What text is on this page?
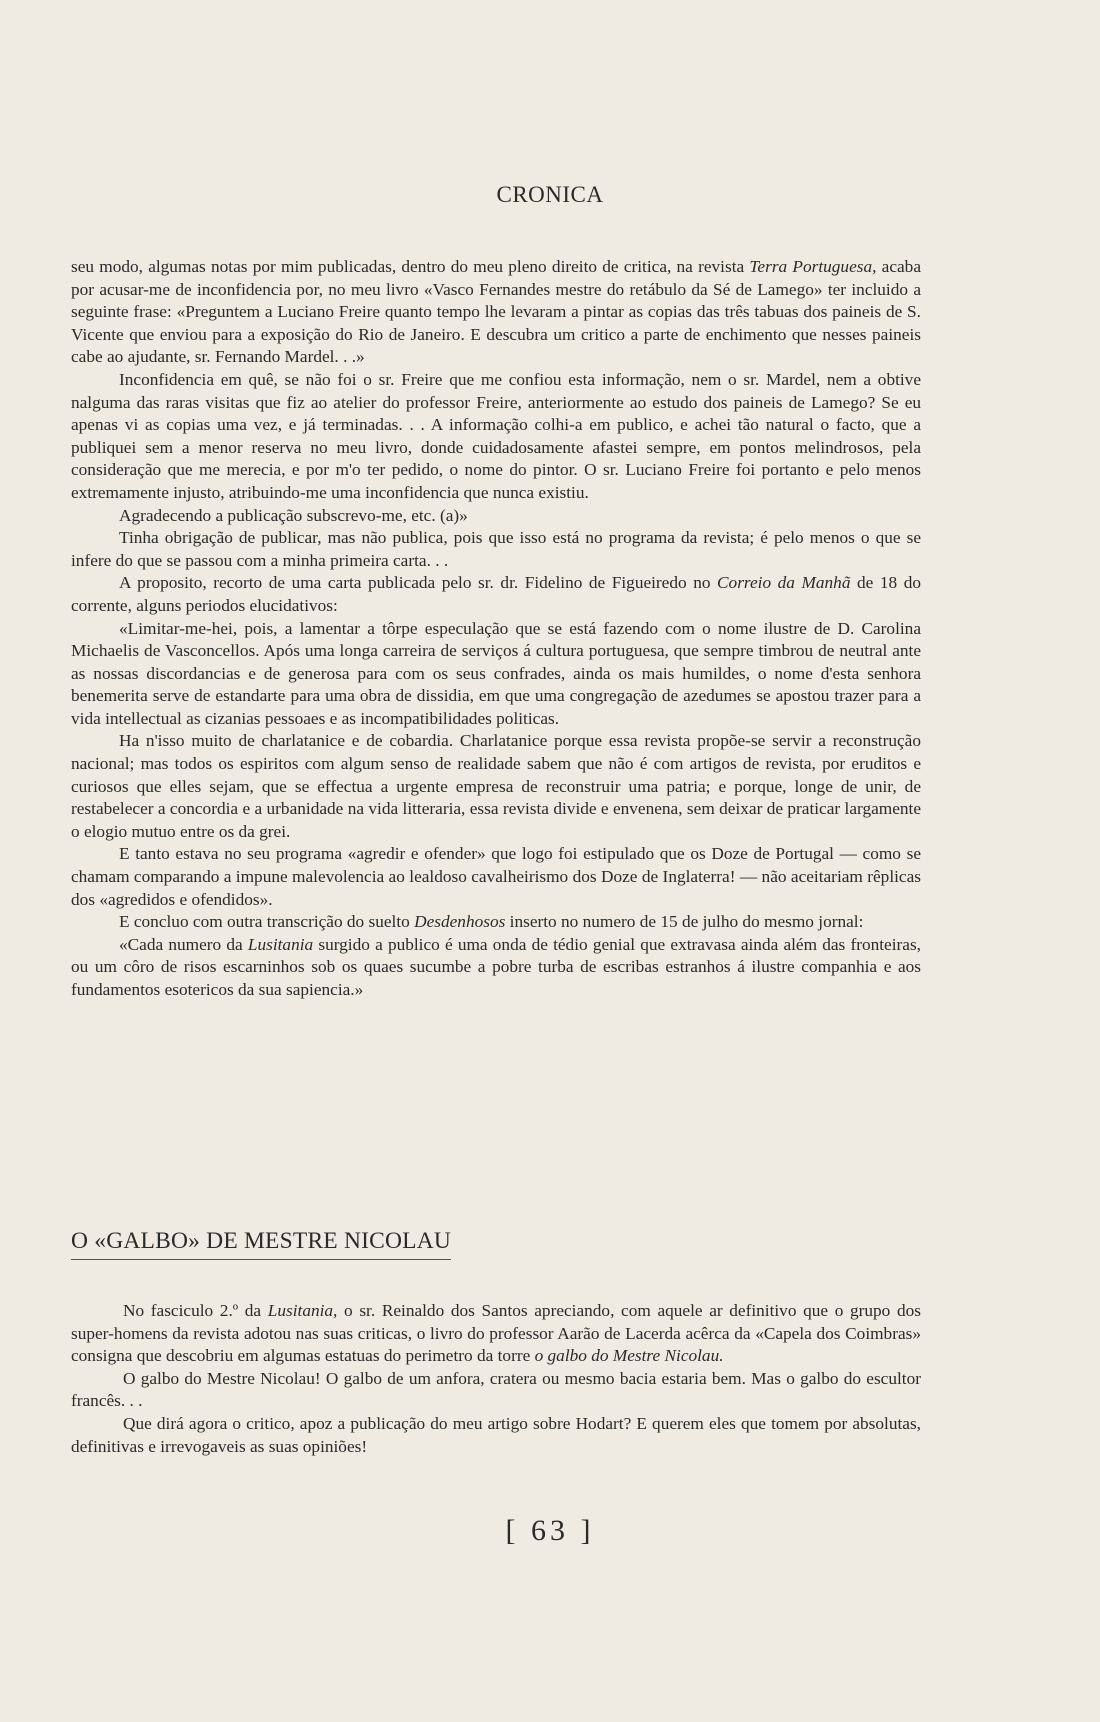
CRONICA

seu modo, algumas notas por mim publicadas, dentro do meu pleno direito de critica, na revista Terra Portuguesa, acaba por acusar-me de inconfidencia por, no meu livro «Vasco Fernandes mestre do retábulo da Sé de Lamego» ter incluido a seguinte frase: «Preguntem a Luciano Freire quanto tempo lhe levaram a pintar as copias das três tabuas dos paineis de S. Vicente que enviou para a exposição do Rio de Janeiro. E descubra um critico a parte de enchimento que nesses paineis cabe ao ajudante, sr. Fernando Mardel. . .»

Inconfidencia em quê, se não foi o sr. Freire que me confiou esta informação, nem o sr. Mardel, nem a obtive nalguma das raras visitas que fiz ao atelier do professor Freire, anteriormente ao estudo dos paineis de Lamego? Se eu apenas vi as copias uma vez, e já terminadas. . . A informação colhi-a em publico, e achei tão natural o facto, que a publiquei sem a menor reserva no meu livro, donde cuidadosamente afastei sempre, em pontos melindrosos, pela consideração que me merecia, e por m'o ter pedido, o nome do pintor. O sr. Luciano Freire foi portanto e pelo menos extremamente injusto, atribuindo-me uma inconfidencia que nunca existiu.

Agradecendo a publicação subscrevo-me, etc. (a)»

Tinha obrigação de publicar, mas não publica, pois que isso está no programa da revista; é pelo menos o que se infere do que se passou com a minha primeira carta. . .

A proposito, recorto de uma carta publicada pelo sr. dr. Fidelino de Figueiredo no Correio da Manhã de 18 do corrente, alguns periodos elucidativos:

«Limitar-me-hei, pois, a lamentar a tôrpe especulação que se está fazendo com o nome ilustre de D. Carolina Michaelis de Vasconcellos. Após uma longa carreira de serviços á cultura portuguesa, que sempre timbrou de neutral ante as nossas discordancias e de generosa para com os seus confrades, ainda os mais humildes, o nome d'esta senhora benemerita serve de estandarte para uma obra de dissidia, em que uma congregação de azedumes se apostou trazer para a vida intellectual as cizanias pessoaes e as incompatibilidades politicas.

Ha n'isso muito de charlatanice e de cobardia. Charlatanice porque essa revista propõe-se servir a reconstrução nacional; mas todos os espiritos com algum senso de realidade sabem que não é com artigos de revista, por eruditos e curiosos que elles sejam, que se effectua a urgente empresa de reconstruir uma patria; e porque, longe de unir, de restabelecer a concordia e a urbanidade na vida litteraria, essa revista divide e envenena, sem deixar de praticar largamente o elogio mutuo entre os da grei.

E tanto estava no seu programa «agredir e ofender» que logo foi estipulado que os Doze de Portugal — como se chamam comparando a impune malevolencia ao lealdoso cavalheirismo dos Doze de Inglaterra! — não aceitariam rêplicas dos «agredidos e ofendidos».

E concluo com outra transcrição do suelto Desdenhosos inserto no numero de 15 de julho do mesmo jornal:

«Cada numero da Lusitania surgido a publico é uma onda de tédio genial que extravasa ainda além das fronteiras, ou um côro de risos escarninhos sob os quaes sucumbe a pobre turba de escribas estranhos á ilustre companhia e aos fundamentos esotericos da sua sapiencia.»

O «GALBO» DE MESTRE NICOLAU

No fasciculo 2.º da Lusitania, o sr. Reinaldo dos Santos apreciando, com aquele ar definitivo que o grupo dos super-homens da revista adotou nas suas criticas, o livro do professor Aarão de Lacerda acêrca da «Capela dos Coimbras» consigna que descobriu em algumas estatuas do perimetro da torre o galbo do Mestre Nicolau.

O galbo do Mestre Nicolau! O galbo de um anfora, cratera ou mesmo bacia estaria bem. Mas o galbo do escultor francês. . .

Que dirá agora o critico, apoz a publicação do meu artigo sobre Hodart? E querem eles que tomem por absolutas, definitivas e irrevogaveis as suas opiniões!

[ 63 ]
